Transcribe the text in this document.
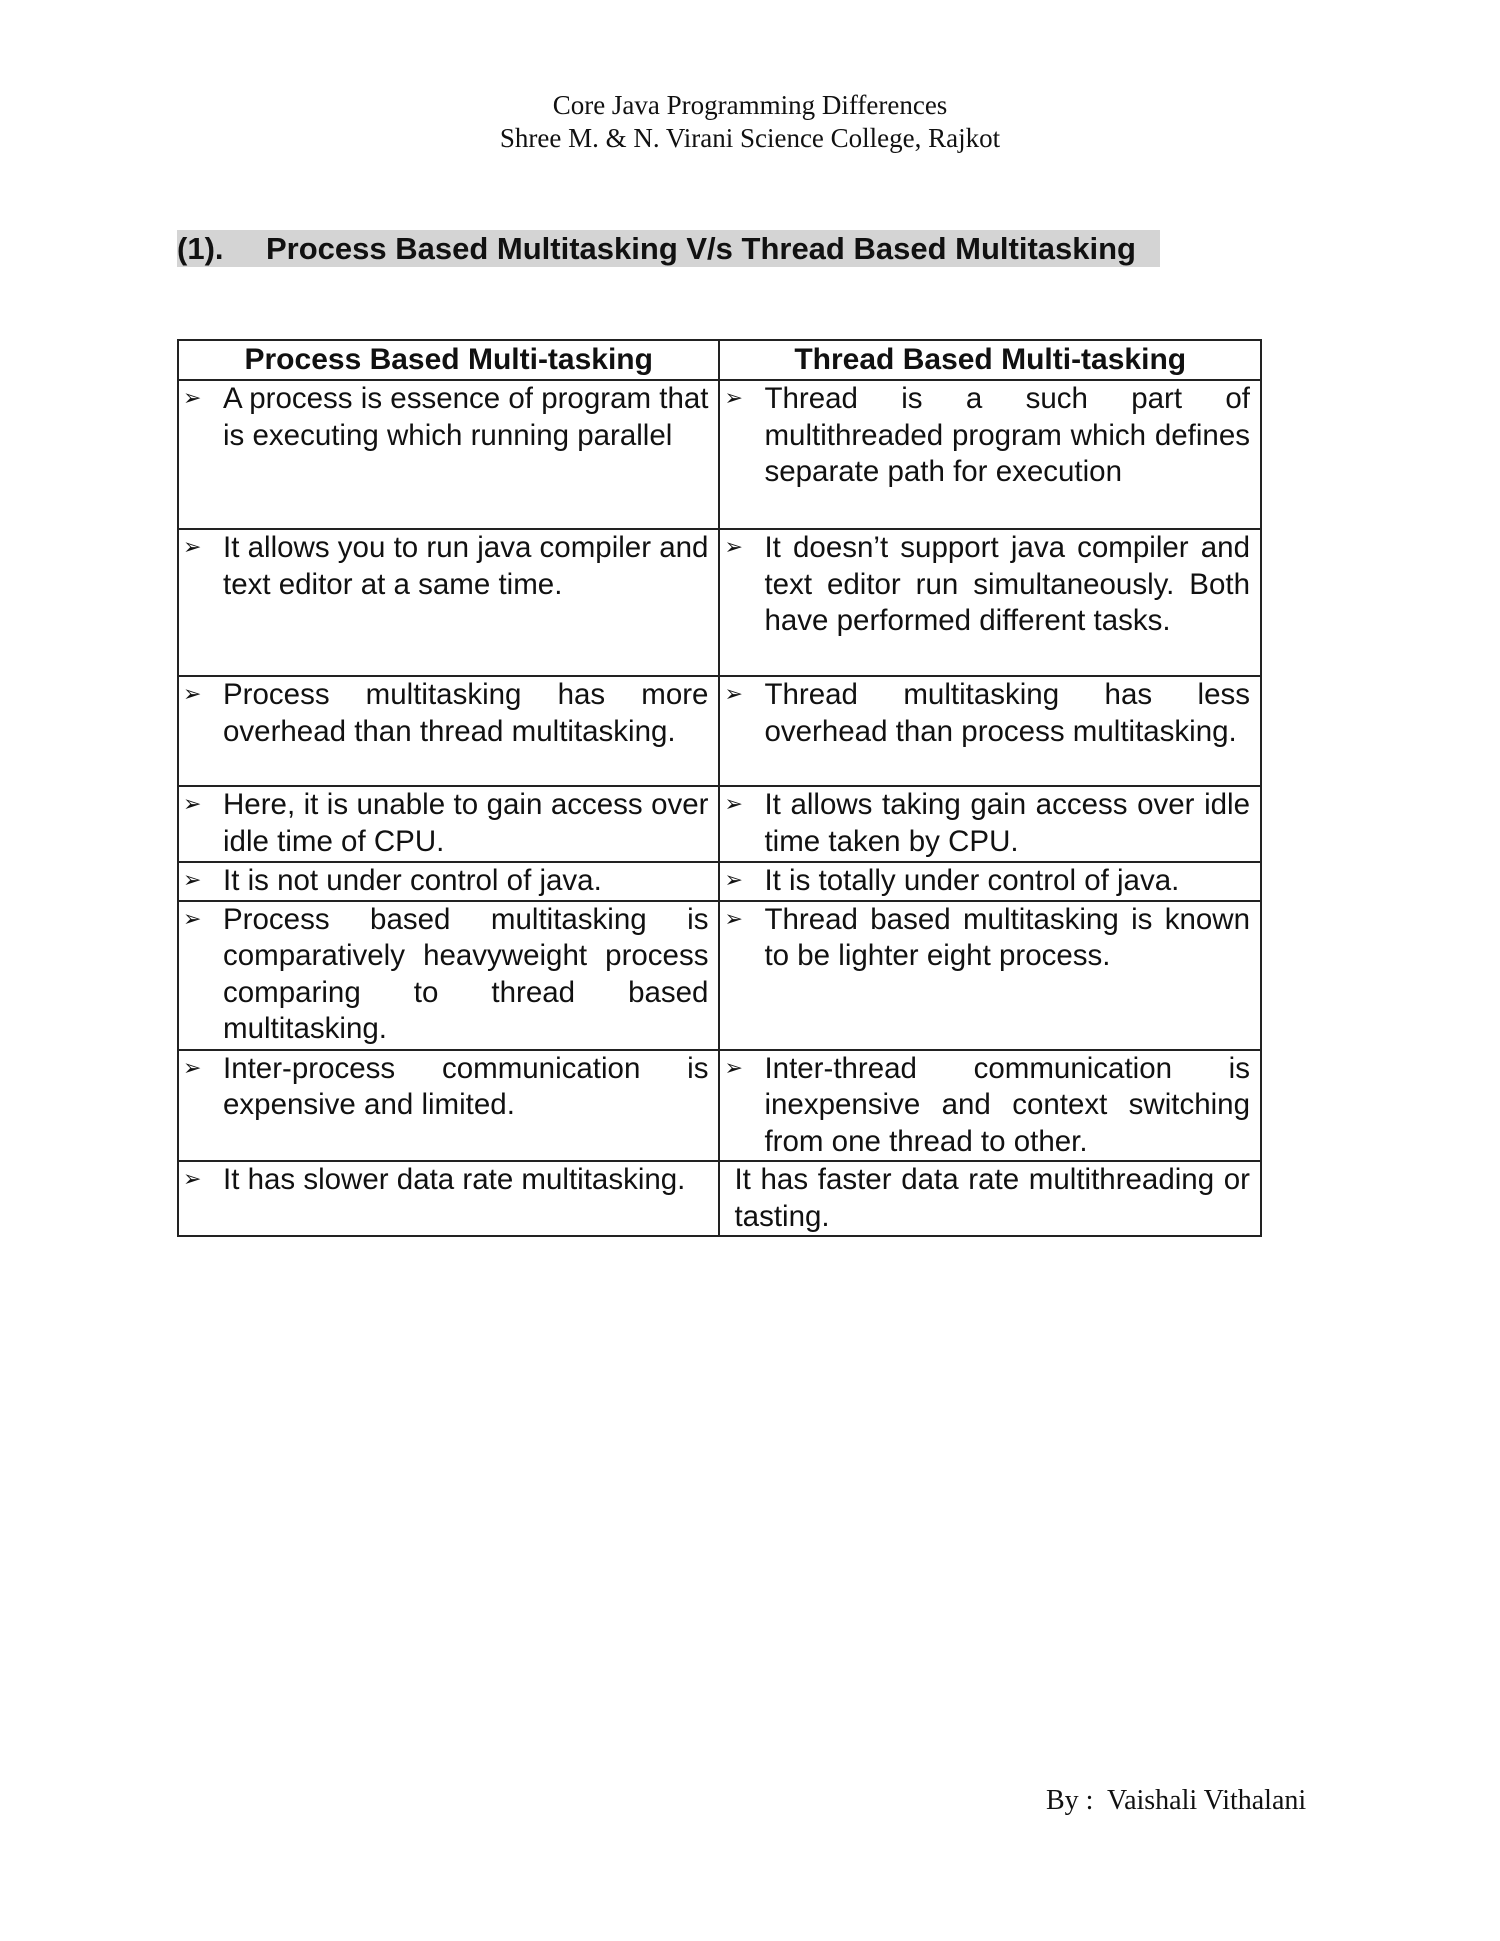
Core Java Programming Differences
Shree M. & N. Virani Science College, Rajkot
(1). Process Based Multitasking V/s Thread Based Multitasking
Process Based Multi-tasking	Thread Based Multi-tasking

➢ A process is essence of program that is executing which running parallel	➢ Thread is a such part of multithreaded program which defines separate path for execution

➢ It allows you to run java compiler and text editor at a same time.	➢ It doesn’t support java compiler and text editor run simultaneously. Both have performed different tasks.

➢ Process multitasking has more overhead than thread multitasking.	➢ Thread multitasking has less overhead than process multitasking.

➢ Here, it is unable to gain access over idle time of CPU.	➢ It allows taking gain access over idle time taken by CPU.

➢ It is not under control of java.	➢ It is totally under control of java.

➢ Process based multitasking is comparatively heavyweight process comparing to thread based multitasking.	➢ Thread based multitasking is known to be lighter eight process.

➢ Inter-process communication is expensive and limited.	➢ Inter-thread communication is inexpensive and context switching from one thread to other.

➢ It has slower data rate multitasking.	It has faster data rate multithreading or tasting.
By :  Vaishali Vithalani
